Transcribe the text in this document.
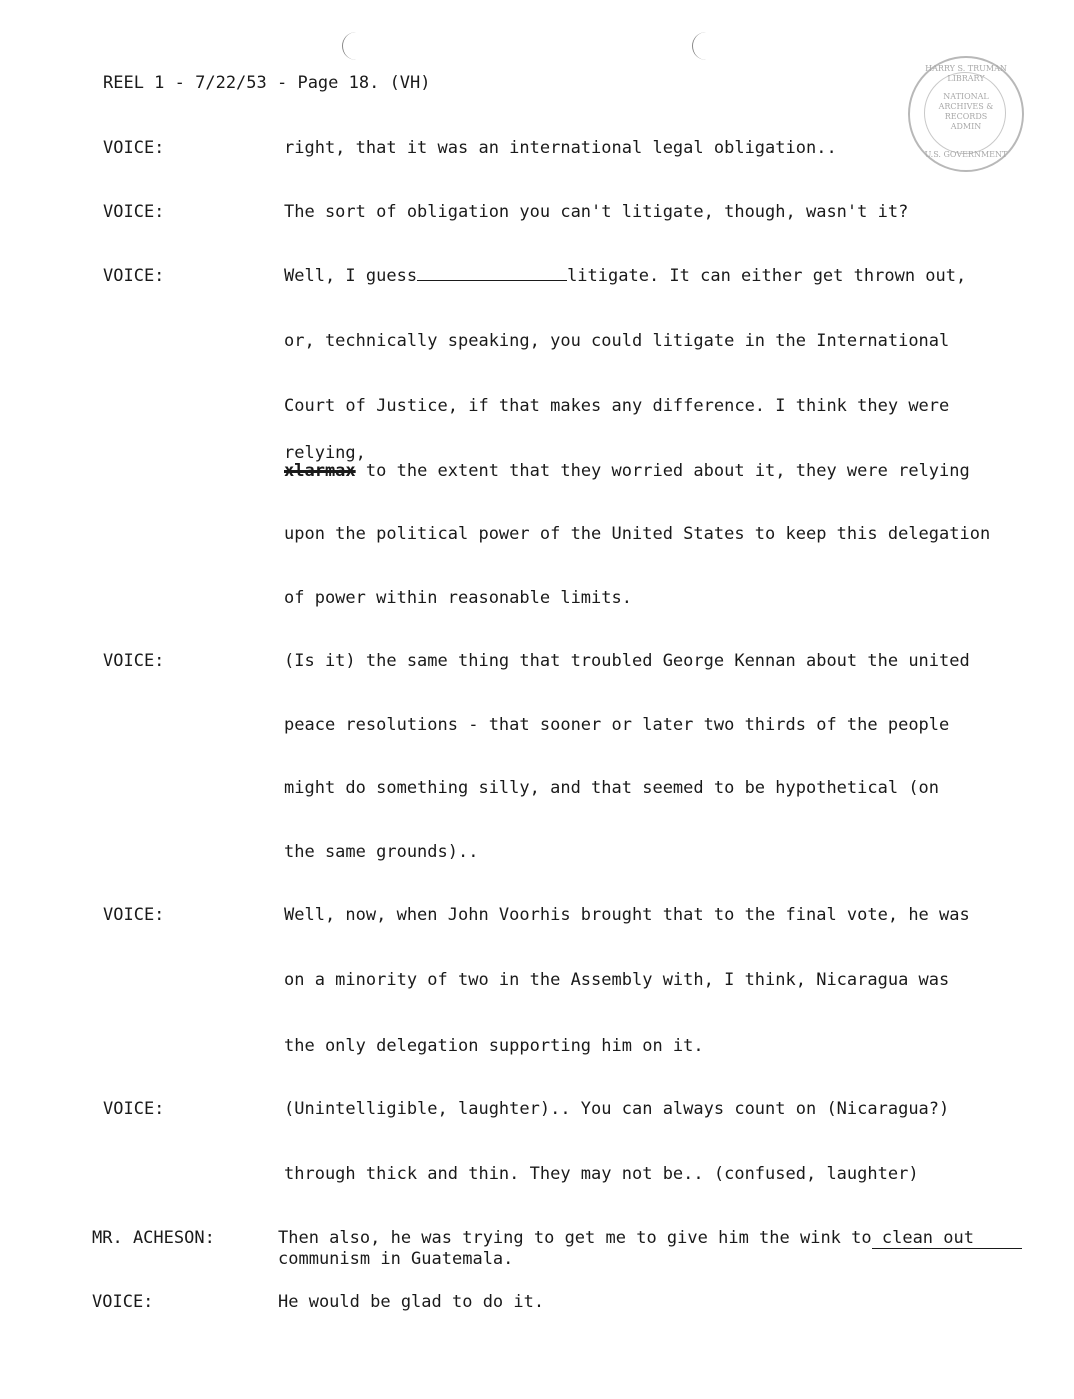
HARRY S. TRUMAN LIBRARY
NATIONAL
ARCHIVES &
RECORDS
ADMIN
U.S. GOVERNMENT
REEL 1 - 7/22/53 - Page 18. (VH)
VOICE:	right, that it was an international legal obligation..
VOICE:	The sort of obligation you can't litigate, though, wasn't it?
VOICE:	Well, I guess	litigate. It can either get thrown out,
or, technically speaking, you could litigate in the International
Court of Justice, if that makes any difference. I think they were
relying,
xlarmax to the extent that they worried about it, they were relying
upon the political power of the United States to keep this delegation
of power within reasonable limits.
VOICE:	(Is it) the same thing that troubled George Kennan about the united
peace resolutions - that sooner or later two thirds of the people
might do something silly, and that seemed to be hypothetical (on
the same grounds)..
VOICE:	Well, now, when John Voorhis brought that to the final vote, he was
on a minority of two in the Assembly with, I think, Nicaragua was
the only delegation supporting him on it.
VOICE:	(Unintelligible, laughter).. You can always count on (Nicaragua?)
through thick and thin. They may not be.. (confused, laughter)
MR. ACHESON:	Then also, he was trying to get me to give him the wink to clean out
communism in Guatemala.
VOICE:	He would be glad to do it.
